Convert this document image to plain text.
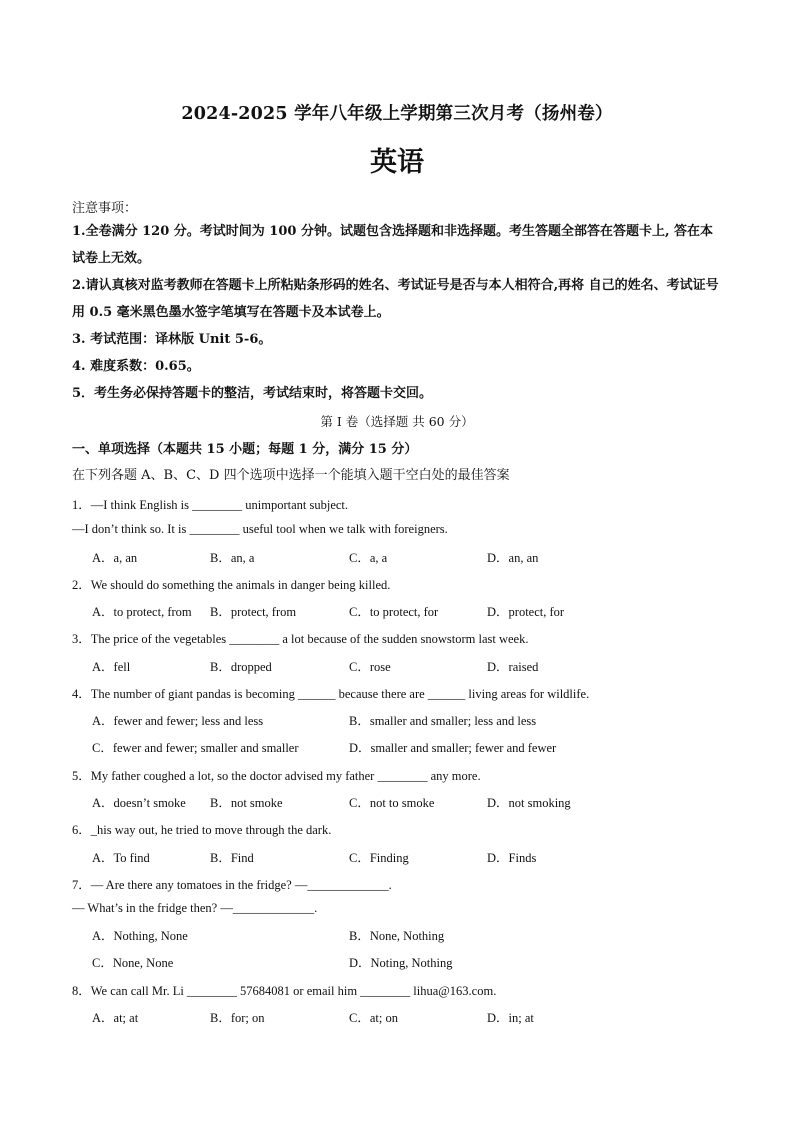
2024-2025 学年八年级上学期第三次月考（扬州卷）
英语
注意事项：
1.全卷满分 120 分。考试时间为 100 分钟。试题包含选择题和非选择题。考生答题全部答在答题卡上, 答在本试卷上无效。
2.请认真核对监考教师在答题卡上所粘贴条形码的姓名、考试证号是否与本人相符合,再将 自己的姓名、考试证号用 0.5 毫米黑色墨水签字笔填写在答题卡及本试卷上。
3. 考试范围：译林版 Unit 5-6。
4. 难度系数：0.65。
5．考生务必保持答题卡的整洁，考试结束时，将答题卡交回。
第 I 卷（选择题 共 60 分）
一、单项选择（本题共 15 小题；每题 1 分，满分 15 分）
在下列各题 A、B、C、D 四个选项中选择一个能填入题干空白处的最佳答案
1．—I think English is ________ unimportant subject.
—I don’t think so. It is ________ useful tool when we talk with foreigners.
A．a, an	B．an, a	C．a, a	D．an, an
2．We should do something the animals in danger being killed.
A．to protect, from B．protect, from	C．to protect, for	D．protect, for
3．The price of the vegetables ________ a lot because of the sudden snowstorm last week.
A．fell	B．dropped	C．rose	D．raised
4．The number of giant pandas is becoming ______ because there are ______ living areas for wildlife.
A．fewer and fewer; less and less	B．smaller and smaller; less and less
C．fewer and fewer; smaller and smaller	D．smaller and smaller; fewer and fewer
5．My father coughed a lot, so the doctor advised my father ________ any more.
A．doesn’t smoke B．not smoke	C．not to smoke	D．not smoking
6．_his way out, he tried to move through the dark.
A．To find	B．Find	C．Finding	D．Finds
7．— Are there any tomatoes in the fridge? —_____________.
— What’s in the fridge then? —_____________.
A．Nothing, None	B．None, Nothing
C．None, None	D．Noting, Nothing
8．We can call Mr. Li ________ 57684081 or email him ________ lihua@163.com.
A．at; at	B．for; on	C．at; on	D．in; at
